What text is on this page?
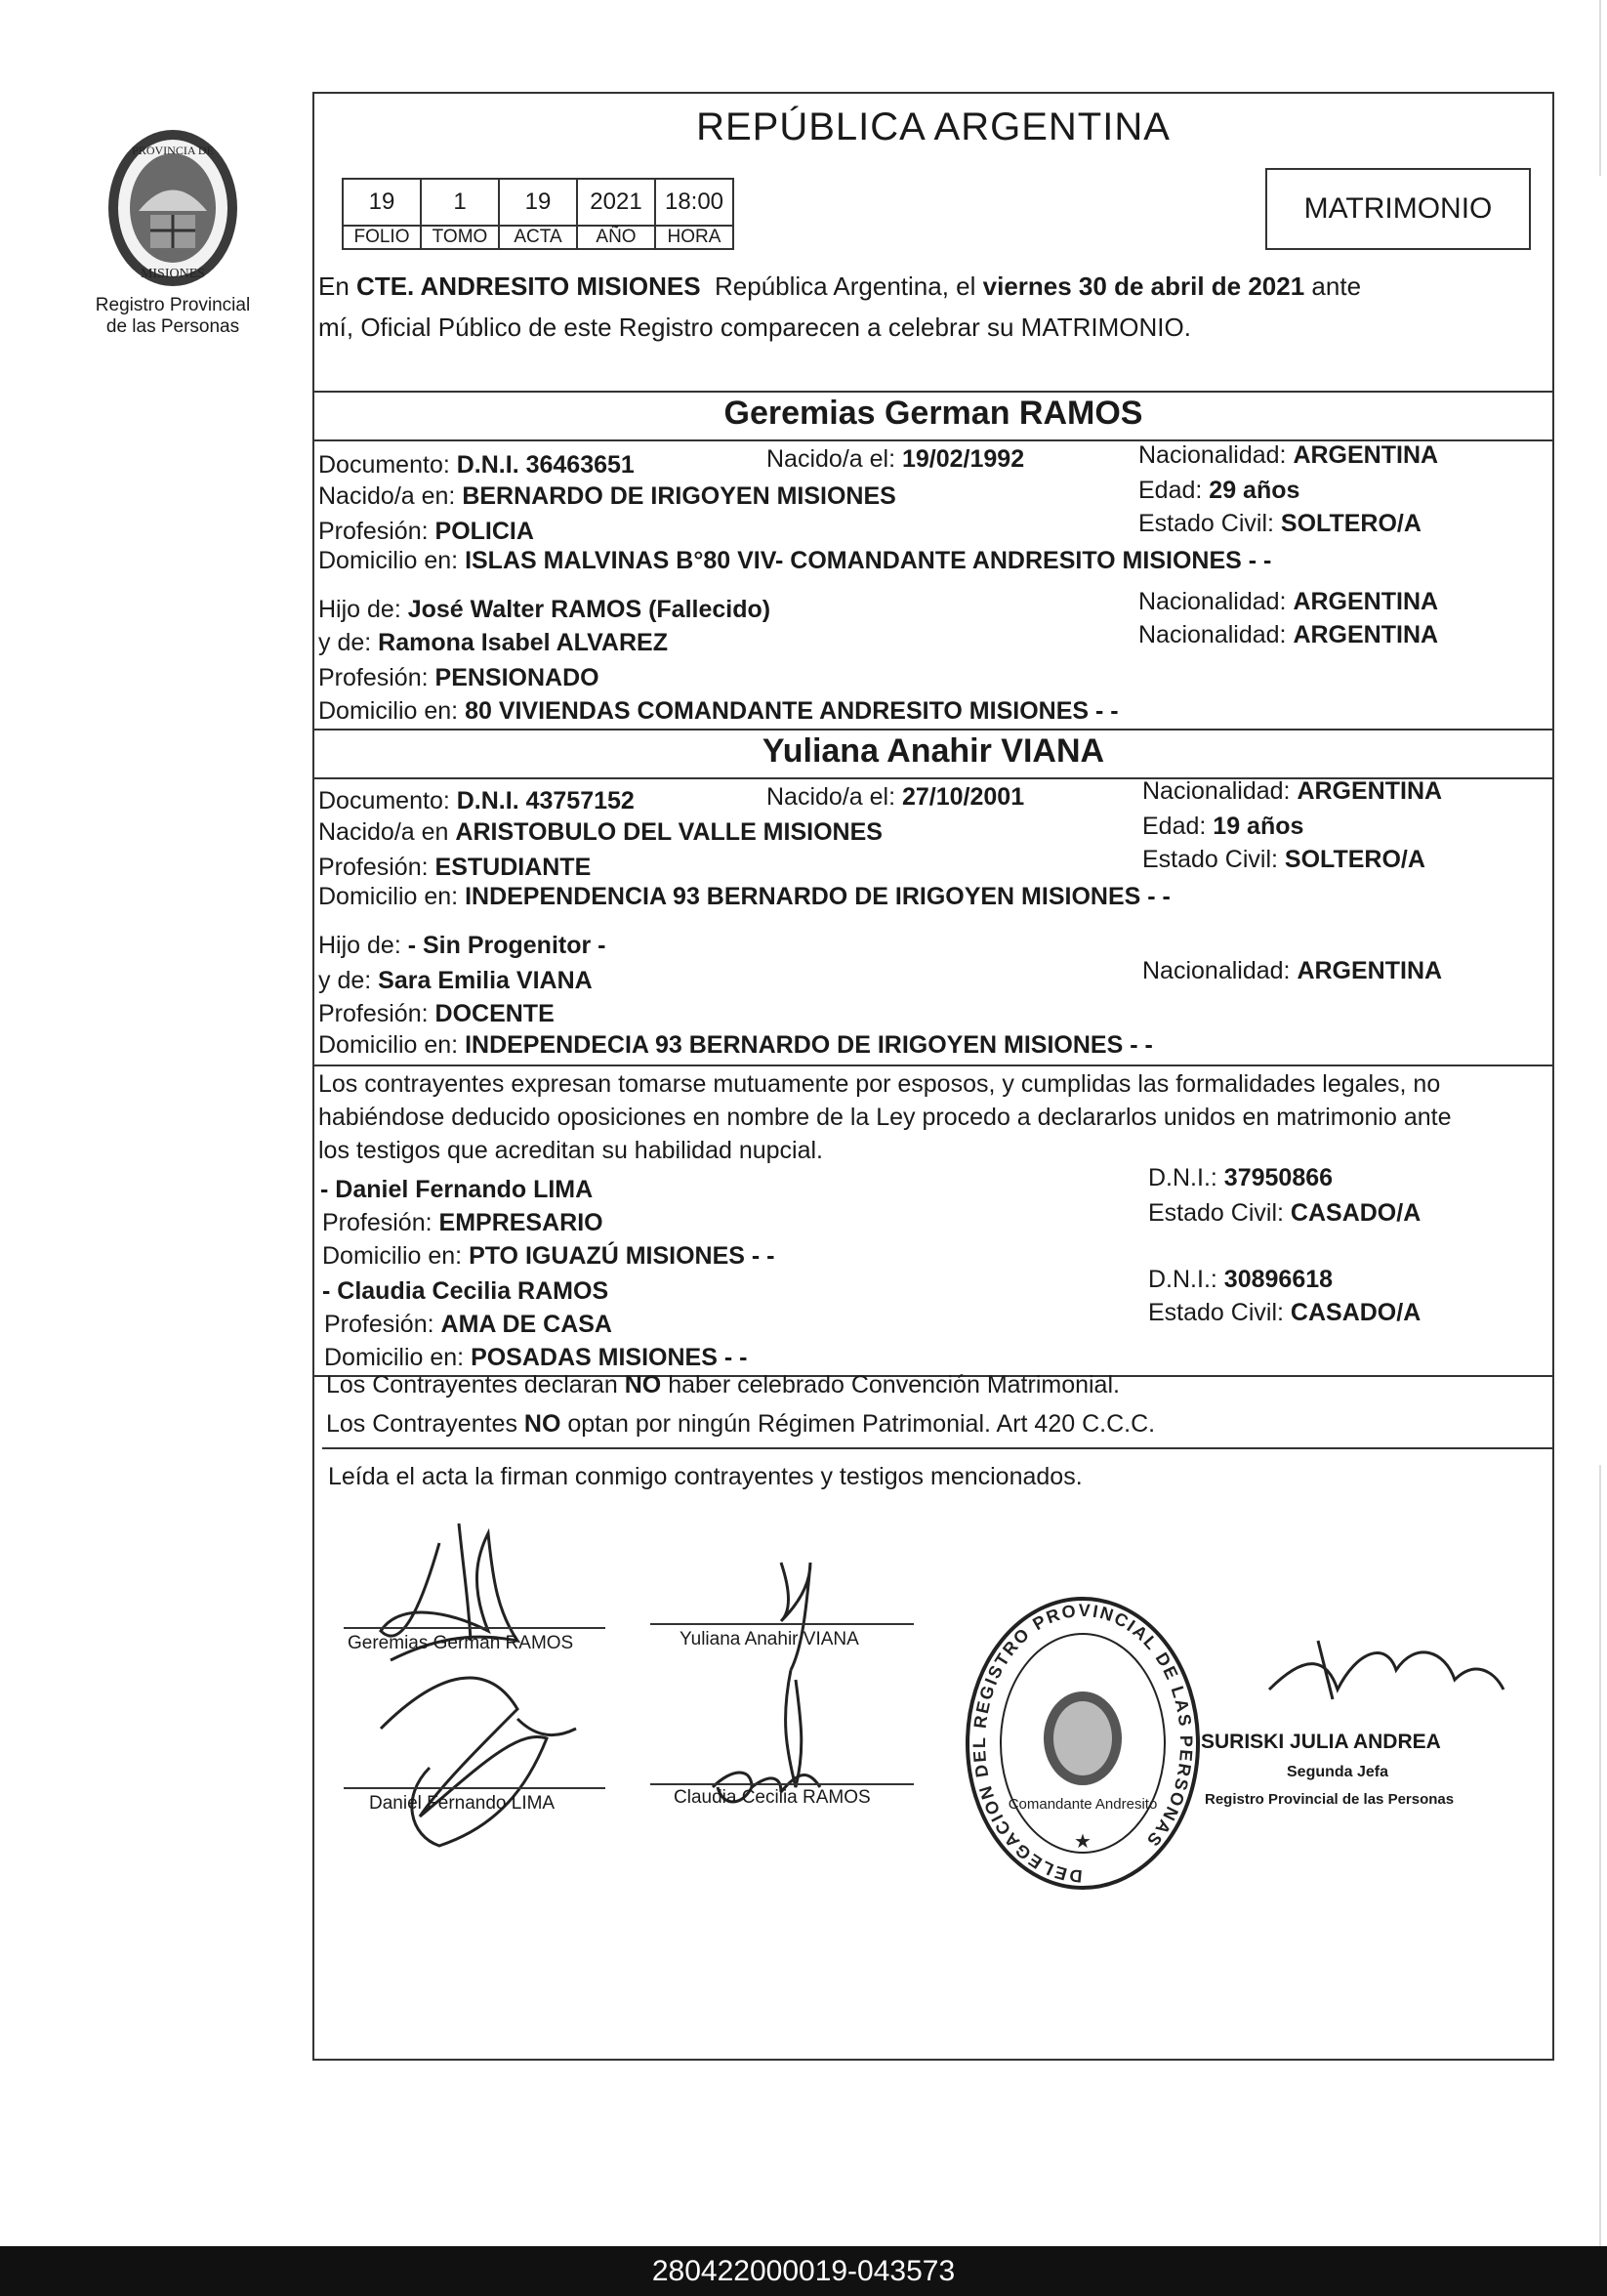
PROVINCIA DE
MISIONES
Registro Provincial
de las Personas
REPÚBLICA ARGENTINA
19	1	19	2021	18:00
FOLIO	TOMO	ACTA	AÑO	HORA
MATRIMONIO
En CTE. ANDRESITO MISIONES República Argentina, el viernes 30 de abril de 2021 ante
mí, Oficial Público de este Registro comparecen a celebrar su MATRIMONIO.
Geremias German RAMOS
Documento: D.N.I. 36463651	Nacido/a el: 19/02/1992	Nacionalidad: ARGENTINA
Nacido/a en: BERNARDO DE IRIGOYEN MISIONES	Edad: 29 años
Profesión: POLICIA	Estado Civil: SOLTERO/A
Domicilio en: ISLAS MALVINAS B°80 VIV- COMANDANTE ANDRESITO MISIONES - -
Hijo de: José Walter RAMOS (Fallecido)	Nacionalidad: ARGENTINA
y de: Ramona Isabel ALVAREZ	Nacionalidad: ARGENTINA
Profesión: PENSIONADO
Domicilio en: 80 VIVIENDAS COMANDANTE ANDRESITO MISIONES - -
Yuliana Anahir VIANA
Documento: D.N.I. 43757152	Nacido/a el: 27/10/2001	Nacionalidad: ARGENTINA
Nacido/a en ARISTOBULO DEL VALLE MISIONES	Edad: 19 años
Profesión: ESTUDIANTE	Estado Civil: SOLTERO/A
Domicilio en: INDEPENDENCIA 93 BERNARDO DE IRIGOYEN MISIONES - -
Hijo de: - Sin Progenitor -
y de: Sara Emilia VIANA	Nacionalidad: ARGENTINA
Profesión: DOCENTE
Domicilio en: INDEPENDECIA 93 BERNARDO DE IRIGOYEN MISIONES - -
Los contrayentes expresan tomarse mutuamente por esposos, y cumplidas las formalidades legales, no
habiéndose deducido oposiciones en nombre de la Ley procedo a declararlos unidos en matrimonio ante
los testigos que acreditan su habilidad nupcial.
- Daniel Fernando LIMA	D.N.I.: 37950866
Profesión: EMPRESARIO	Estado Civil: CASADO/A
Domicilio en: PTO IGUAZÚ MISIONES - -
- Claudia Cecilia RAMOS	D.N.I.: 30896618
Profesión: AMA DE CASA	Estado Civil: CASADO/A
Domicilio en: POSADAS MISIONES - -
Los Contrayentes declaran NO haber celebrado Convención Matrimonial.
Los Contrayentes NO optan por ningún Régimen Patrimonial. Art 420 C.C.C.
Leída el acta la firman conmigo contrayentes y testigos mencionados.
Geremias German RAMOS	Yuliana Anahir VIANA
Daniel Fernando LIMA	Claudia Cecilia RAMOS
DELEGACION DEL REGISTRO PROVINCIAL DE LAS PERSONAS
Comandante Andresito
★
SURISKI JULIA ANDREA
Segunda Jefa
Registro Provincial de las Personas
280422000019-043573
